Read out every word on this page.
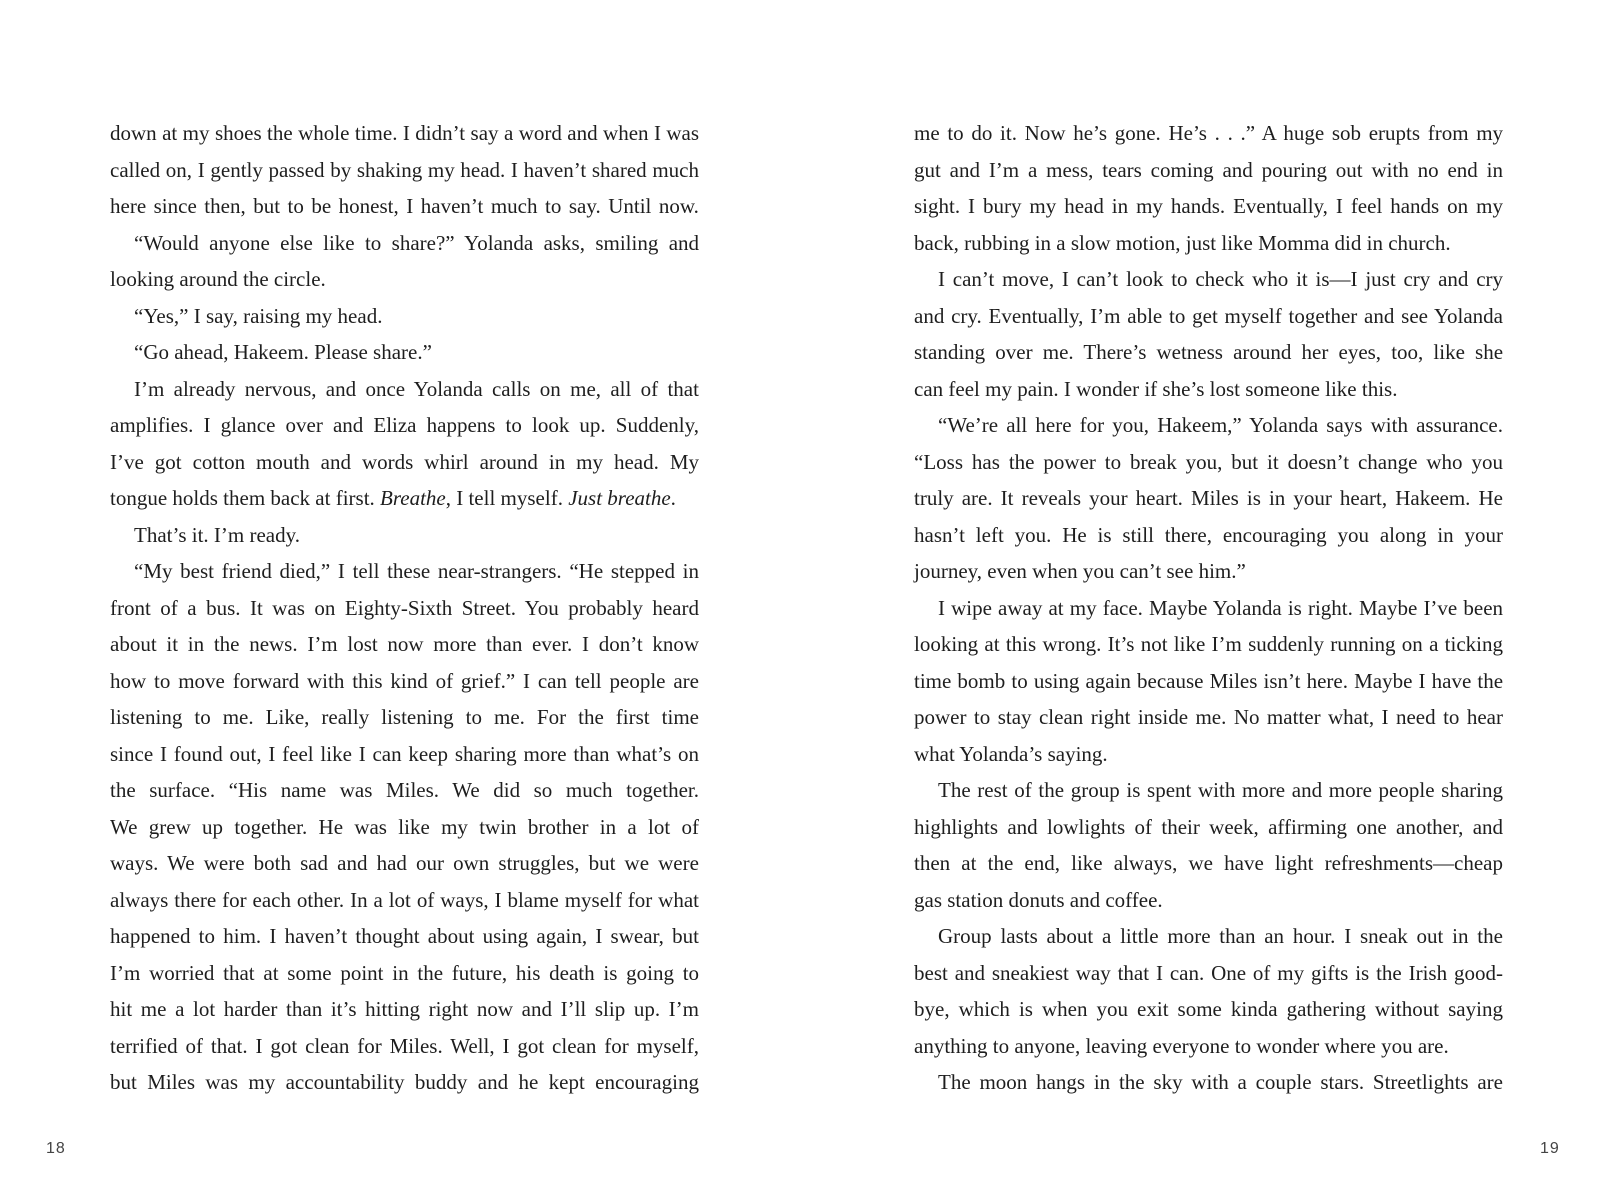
down at my shoes the whole time. I didn’t say a word and when I was
called on, I gently passed by shaking my head. I haven’t shared much
here since then, but to be honest, I haven’t much to say. Until now.
“Would anyone else like to share?” Yolanda asks, smiling and
looking around the circle.
“Yes,” I say, raising my head.
“Go ahead, Hakeem. Please share.”
I’m already nervous, and once Yolanda calls on me, all of that
amplifies. I glance over and Eliza happens to look up. Suddenly,
I’ve got cotton mouth and words whirl around in my head. My
tongue holds them back at first. Breathe, I tell myself. Just breathe.
That’s it. I’m ready.
“My best friend died,” I tell these near-strangers. “He stepped in
front of a bus. It was on Eighty-Sixth Street. You probably heard
about it in the news. I’m lost now more than ever. I don’t know
how to move forward with this kind of grief.” I can tell people are
listening to me. Like, really listening to me. For the first time
since I found out, I feel like I can keep sharing more than what’s on
the surface. “His name was Miles. We did so much together.
We grew up together. He was like my twin brother in a lot of
ways. We were both sad and had our own struggles, but we were
always there for each other. In a lot of ways, I blame myself for what
happened to him. I haven’t thought about using again, I swear, but
I’m worried that at some point in the future, his death is going to
hit me a lot harder than it’s hitting right now and I’ll slip up. I’m
terrified of that. I got clean for Miles. Well, I got clean for myself,
but Miles was my accountability buddy and he kept encouraging
me to do it. Now he’s gone. He’s . . .” A huge sob erupts from my
gut and I’m a mess, tears coming and pouring out with no end in
sight. I bury my head in my hands. Eventually, I feel hands on my
back, rubbing in a slow motion, just like Momma did in church.
I can’t move, I can’t look to check who it is—I just cry and cry
and cry. Eventually, I’m able to get myself together and see Yolanda
standing over me. There’s wetness around her eyes, too, like she
can feel my pain. I wonder if she’s lost someone like this.
“We’re all here for you, Hakeem,” Yolanda says with assurance.
“Loss has the power to break you, but it doesn’t change who you
truly are. It reveals your heart. Miles is in your heart, Hakeem. He
hasn’t left you. He is still there, encouraging you along in your
journey, even when you can’t see him.”
I wipe away at my face. Maybe Yolanda is right. Maybe I’ve been
looking at this wrong. It’s not like I’m suddenly running on a ticking
time bomb to using again because Miles isn’t here. Maybe I have the
power to stay clean right inside me. No matter what, I need to hear
what Yolanda’s saying.
The rest of the group is spent with more and more people sharing
highlights and lowlights of their week, affirming one another, and
then at the end, like always, we have light refreshments—cheap
gas station donuts and coffee.
Group lasts about a little more than an hour. I sneak out in the
best and sneakiest way that I can. One of my gifts is the Irish good-
bye, which is when you exit some kinda gathering without saying
anything to anyone, leaving everyone to wonder where you are.
The moon hangs in the sky with a couple stars. Streetlights are
18	19
